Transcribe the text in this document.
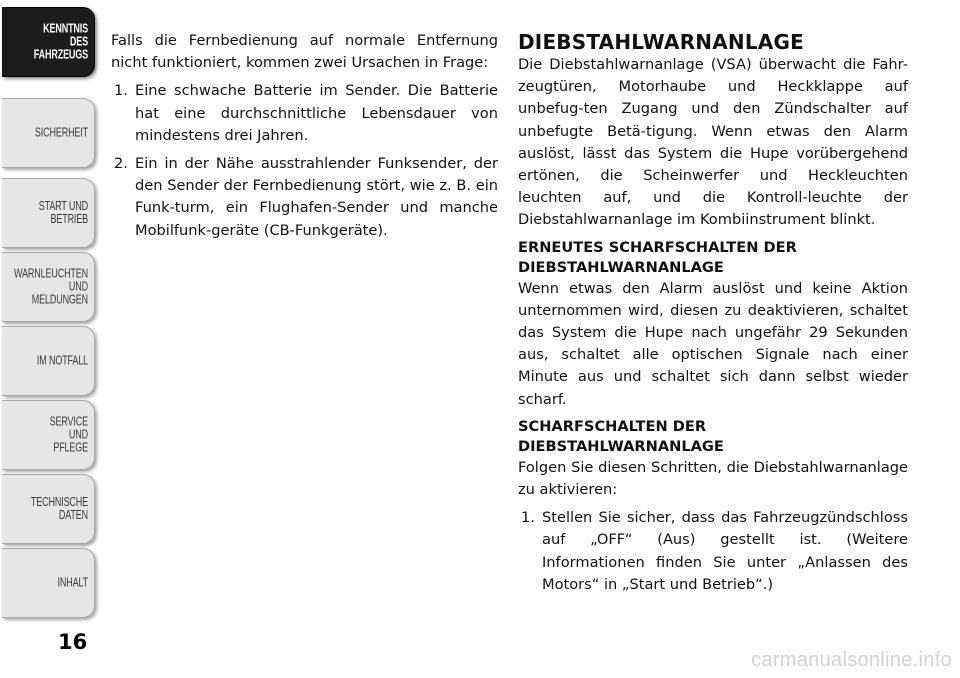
KENNTNIS
DES
FAHRZEUGS
SICHERHEIT
START UND
BETRIEB
WARNLEUCHTEN
UND
MELDUNGEN
IM NOTFALL
SERVICE
UND
PFLEGE
TECHNISCHE
DATEN
INHALT
16

Falls die Fernbedienung auf normale Entfernung nicht funktioniert, kommen zwei Ursachen in Frage:

1. Eine schwache Batterie im Sender. Die Batterie hat eine durchschnittliche Lebensdauer von mindestens drei Jahren.
2. Ein in der Nähe ausstrahlender Funksender, der den Sender der Fernbedienung stört, wie z. B. ein Funk-turm, ein Flughafen-Sender und manche Mobilfunk-geräte (CB-Funkgeräte).
DIEBSTAHLWARNANLAGE

Die Diebstahlwarnanlage (VSA) überwacht die Fahr-zeugtüren, Motorhaube und Heckklappe auf unbefug-ten Zugang und den Zündschalter auf unbefugte Betä-tigung. Wenn etwas den Alarm auslöst, lässt das System die Hupe vorübergehend ertönen, die Scheinwerfer und Heckleuchten leuchten auf, und die Kontroll-leuchte der Diebstahlwarnanlage im Kombiinstrument blinkt.

ERNEUTES SCHARFSCHALTEN DER DIEBSTAHLWARNANLAGE

Wenn etwas den Alarm auslöst und keine Aktion unternommen wird, diesen zu deaktivieren, schaltet das System die Hupe nach ungefähr 29 Sekunden aus, schaltet alle optischen Signale nach einer Minute aus und schaltet sich dann selbst wieder scharf.

SCHARFSCHALTEN DER DIEBSTAHLWARNANLAGE

Folgen Sie diesen Schritten, die Diebstahlwarnanlage zu aktivieren:

1. Stellen Sie sicher, dass das Fahrzeugzündschloss auf „OFF“ (Aus) gestellt ist. (Weitere Informationen finden Sie unter „Anlassen des Motors“ in „Start und Betrieb“.)
carmanualsonline.info
